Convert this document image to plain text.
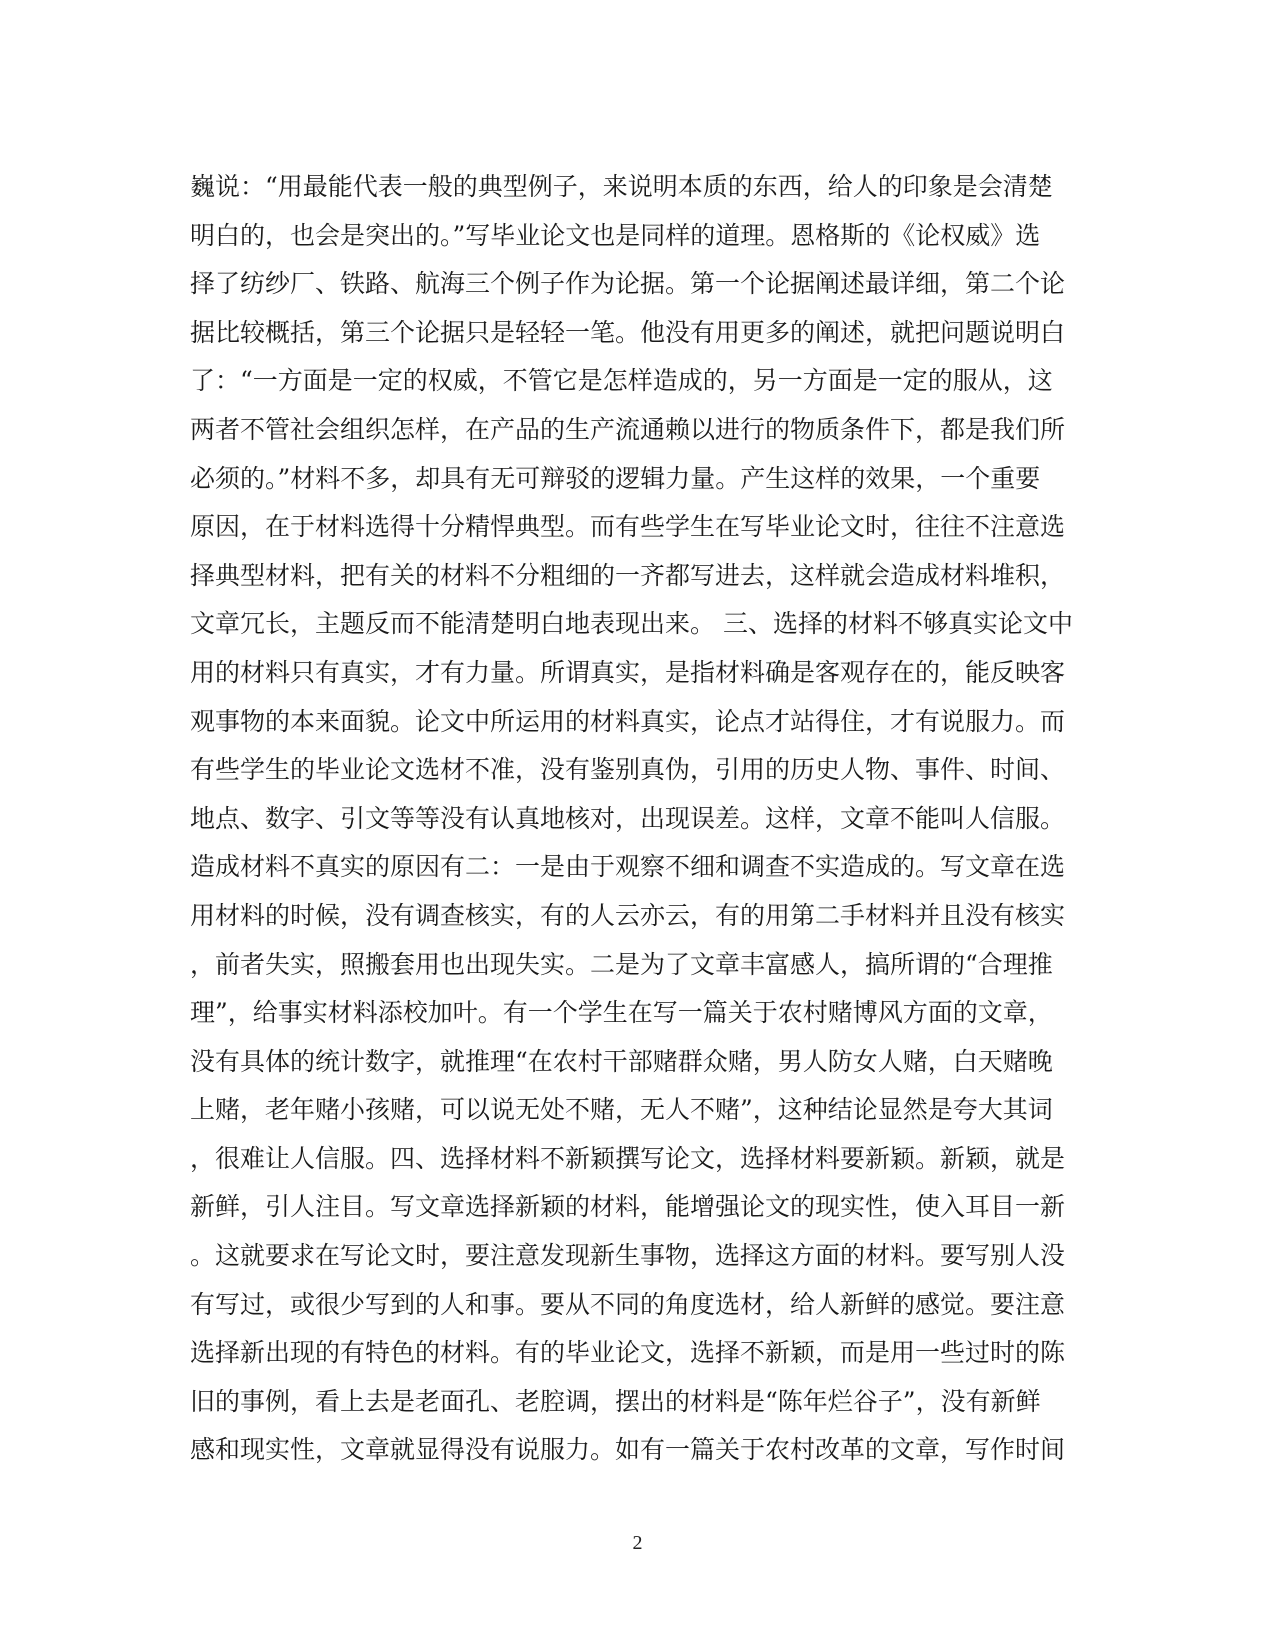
巍说：“用最能代表一般的典型例子，来说明本质的东西，给人的印象是会清楚
明白的，也会是突出的。”写毕业论文也是同样的道理。恩格斯的《论权威》选
择了纺纱厂、铁路、航海三个例子作为论据。第一个论据阐述最详细，第二个论
据比较概括，第三个论据只是轻轻一笔。他没有用更多的阐述，就把问题说明白
了：“一方面是一定的权威，不管它是怎样造成的，另一方面是一定的服从，这
两者不管社会组织怎样，在产品的生产流通赖以进行的物质条件下，都是我们所
必须的。”材料不多，却具有无可辩驳的逻辑力量。产生这样的效果，一个重要
原因，在于材料选得十分精悍典型。而有些学生在写毕业论文时，往往不注意选
择典型材料，把有关的材料不分粗细的一齐都写进去，这样就会造成材料堆积，
文章冗长，主题反而不能清楚明白地表现出来。 三、选择的材料不够真实论文中
用的材料只有真实，才有力量。所谓真实，是指材料确是客观存在的，能反映客
观事物的本来面貌。论文中所运用的材料真实，论点才站得住，才有说服力。而
有些学生的毕业论文选材不准，没有鉴别真伪，引用的历史人物、事件、时间、
地点、数字、引文等等没有认真地核对，出现误差。这样，文章不能叫人信服。
造成材料不真实的原因有二：一是由于观察不细和调查不实造成的。写文章在选
用材料的时候，没有调查核实，有的人云亦云，有的用第二手材料并且没有核实
，前者失实，照搬套用也出现失实。二是为了文章丰富感人，搞所谓的“合理推
理”，给事实材料添校加叶。有一个学生在写一篇关于农村赌博风方面的文章，
没有具体的统计数字，就推理“在农村干部赌群众赌，男人防女人赌，白天赌晚
上赌，老年赌小孩赌，可以说无处不赌，无人不赌”，这种结论显然是夸大其词
，很难让人信服。四、选择材料不新颖撰写论文，选择材料要新颖。新颖，就是
新鲜，引人注目。写文章选择新颖的材料，能增强论文的现实性，使入耳目一新
。这就要求在写论文时，要注意发现新生事物，选择这方面的材料。要写别人没
有写过，或很少写到的人和事。要从不同的角度选材，给人新鲜的感觉。要注意
选择新出现的有特色的材料。有的毕业论文，选择不新颖，而是用一些过时的陈
旧的事例，看上去是老面孔、老腔调，摆出的材料是“陈年烂谷子”，没有新鲜
感和现实性，文章就显得没有说服力。如有一篇关于农村改革的文章，写作时间
2
